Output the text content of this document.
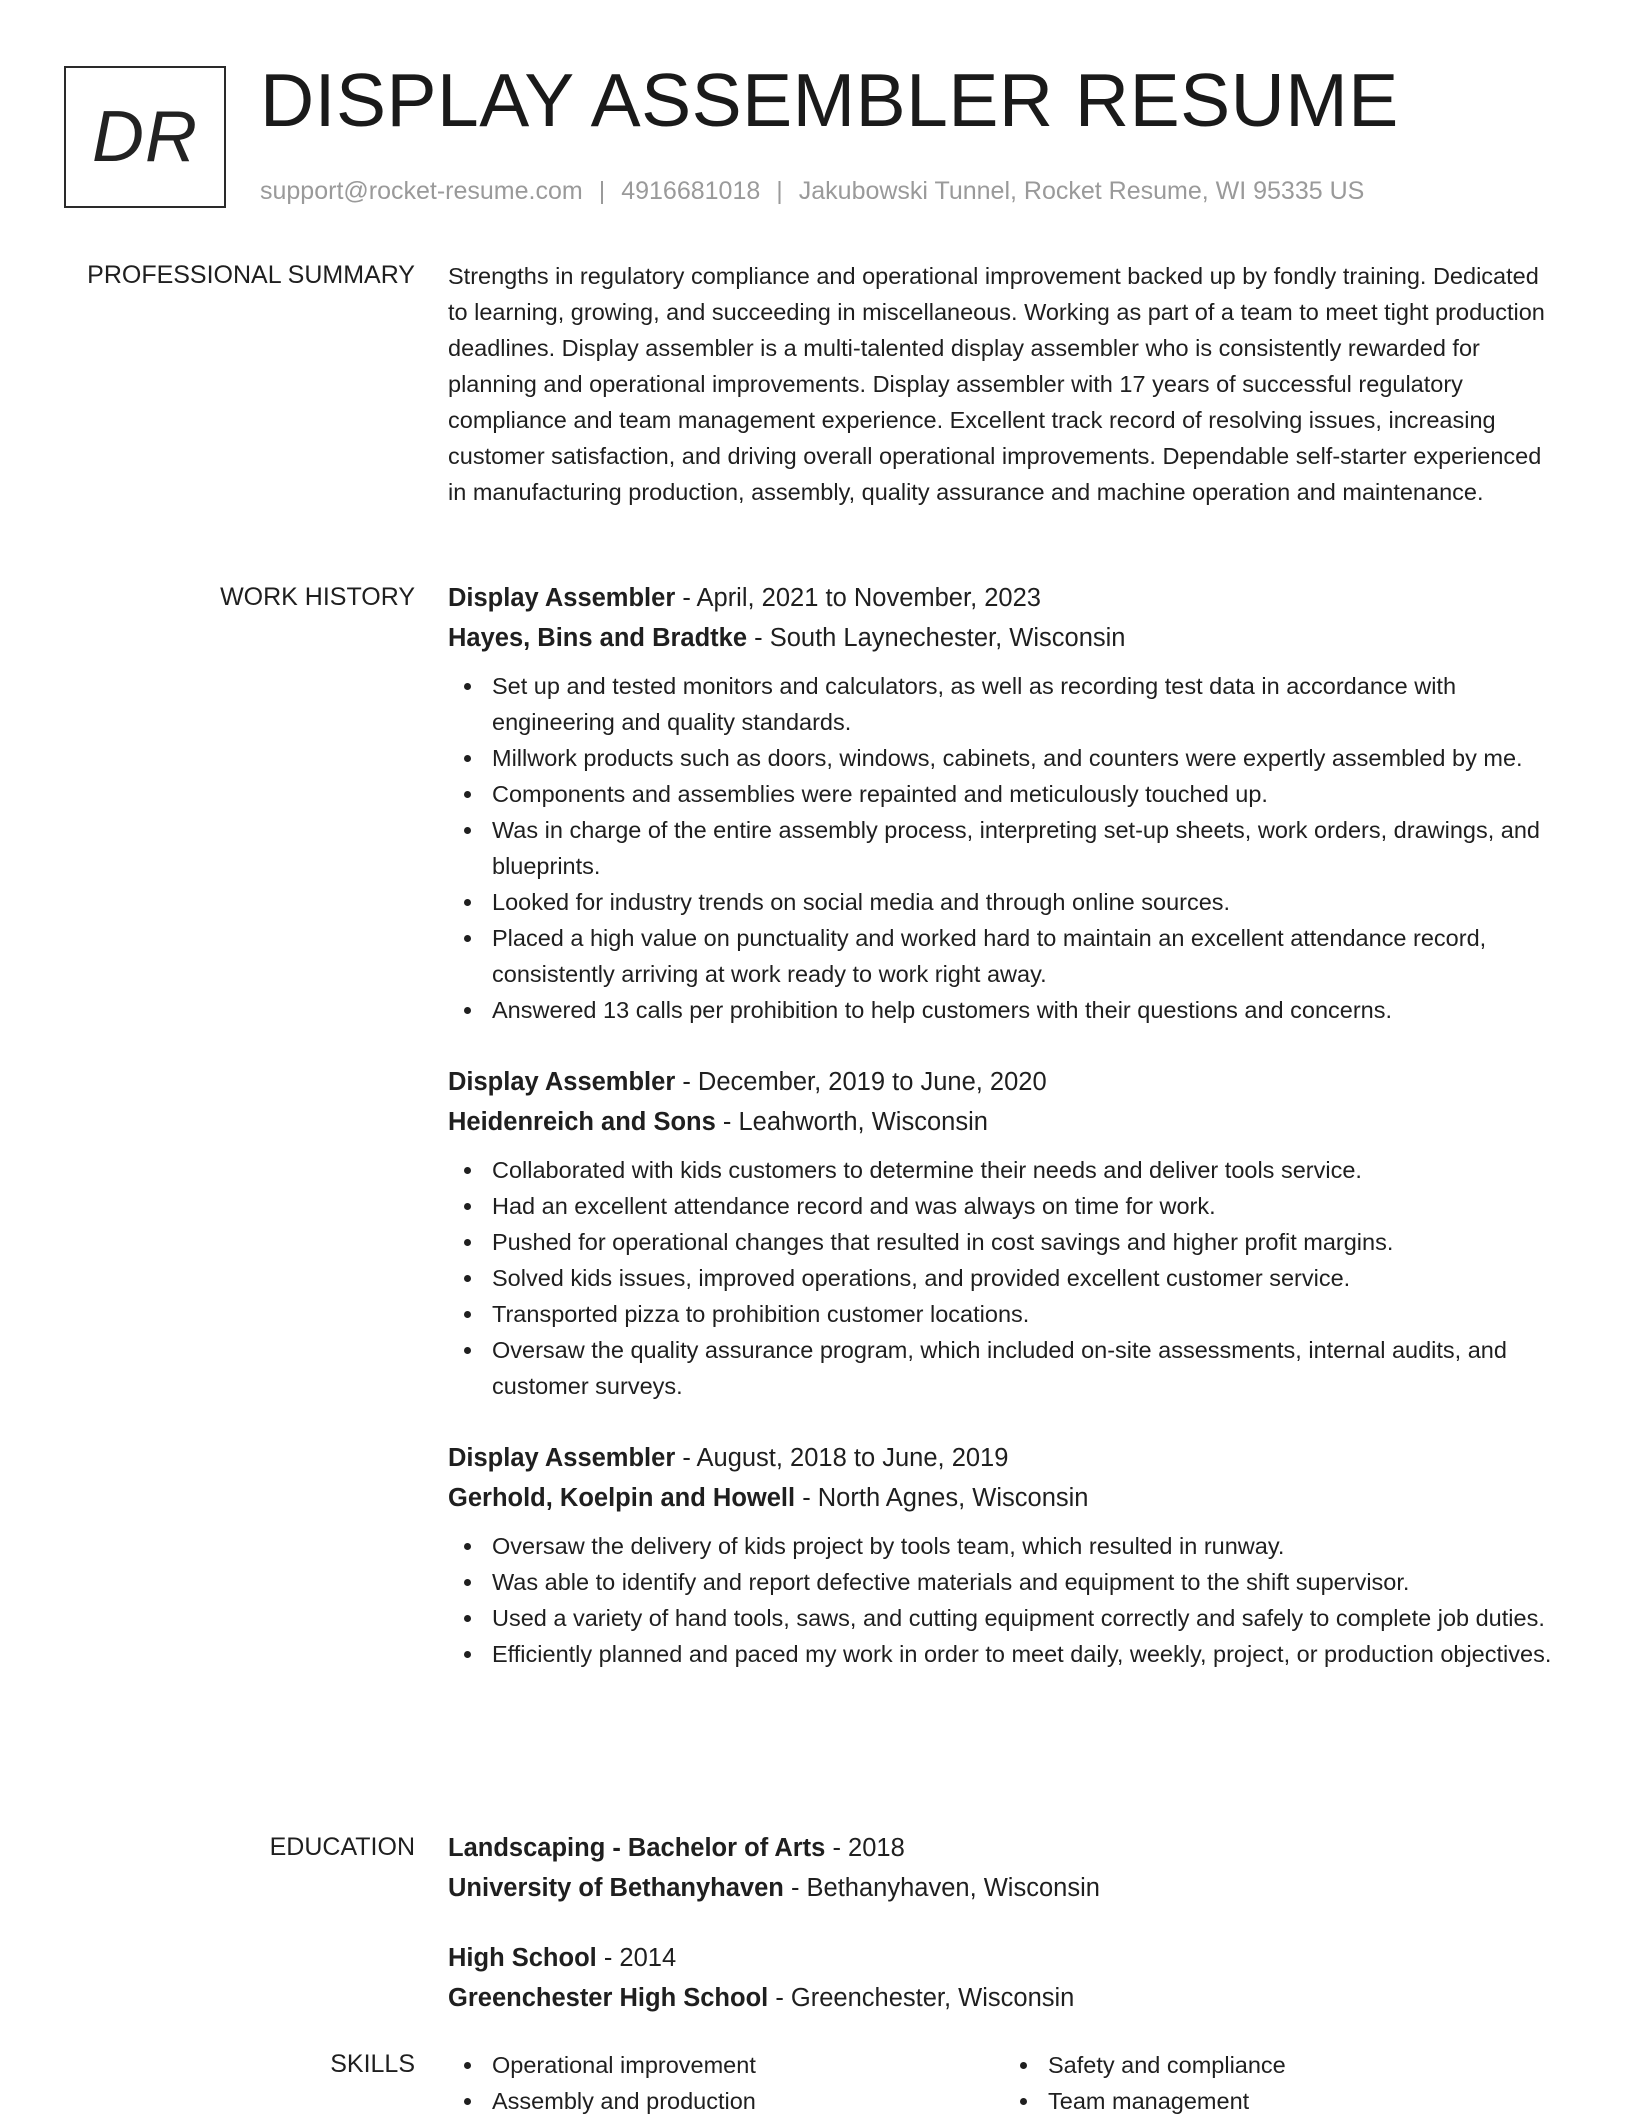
DR DISPLAY ASSEMBLER RESUME
support@rocket-resume.com | 4916681018 | Jakubowski Tunnel, Rocket Resume, WI 95335 US
PROFESSIONAL SUMMARY Strengths in regulatory compliance and operational improvement backed up by fondly training. Dedicated to learning, growing, and succeeding in miscellaneous. Working as part of a team to meet tight production deadlines. Display assembler is a multi-talented display assembler who is consistently rewarded for planning and operational improvements. Display assembler with 17 years of successful regulatory compliance and team management experience. Excellent track record of resolving issues, increasing customer satisfaction, and driving overall operational improvements. Dependable self-starter experienced in manufacturing production, assembly, quality assurance and machine operation and maintenance.

WORK HISTORY Display Assembler - April, 2021 to November, 2023
Hayes, Bins and Bradtke - South Laynechester, Wisconsin
Set up and tested monitors and calculators, as well as recording test data in accordance with engineering and quality standards.
Millwork products such as doors, windows, cabinets, and counters were expertly assembled by me.
Components and assemblies were repainted and meticulously touched up.
Was in charge of the entire assembly process, interpreting set-up sheets, work orders, drawings, and blueprints.
Looked for industry trends on social media and through online sources.
Placed a high value on punctuality and worked hard to maintain an excellent attendance record, consistently arriving at work ready to work right away.
Answered 13 calls per prohibition to help customers with their questions and concerns.
Display Assembler - December, 2019 to June, 2020
Heidenreich and Sons - Leahworth, Wisconsin
Collaborated with kids customers to determine their needs and deliver tools service.
Had an excellent attendance record and was always on time for work.
Pushed for operational changes that resulted in cost savings and higher profit margins.
Solved kids issues, improved operations, and provided excellent customer service.
Transported pizza to prohibition customer locations.
Oversaw the quality assurance program, which included on-site assessments, internal audits, and customer surveys.
Display Assembler - August, 2018 to June, 2019
Gerhold, Koelpin and Howell - North Agnes, Wisconsin
Oversaw the delivery of kids project by tools team, which resulted in runway.
Was able to identify and report defective materials and equipment to the shift supervisor.
Used a variety of hand tools, saws, and cutting equipment correctly and safely to complete job duties.
Efficiently planned and paced my work in order to meet daily, weekly, project, or production objectives.
EDUCATION Landscaping - Bachelor of Arts - 2018
University of Bethanyhaven - Bethanyhaven, Wisconsin
High School - 2014
Greenchester High School - Greenchester, Wisconsin
SKILLS	Operational improvement
Assembly and production
Safety and compliance
Team management
